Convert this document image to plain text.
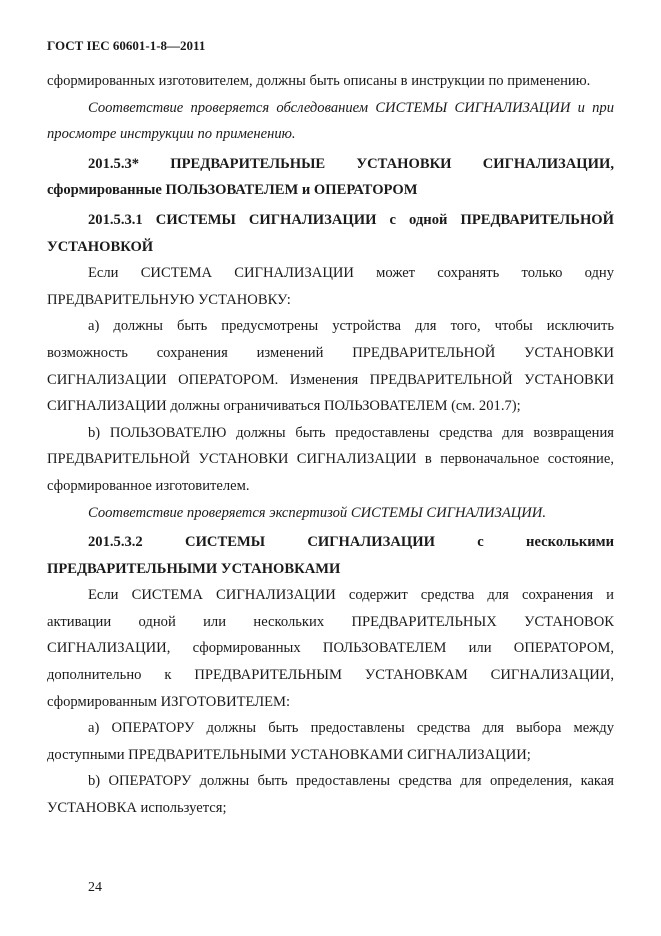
ГОСТ IEC 60601-1-8—2011

сформированных изготовителем, должны быть описаны в инструкции по применению.

Соответствие проверяется обследованием СИСТЕМЫ СИГНАЛИЗАЦИИ и при просмотре инструкции по применению.

201.5.3* ПРЕДВАРИТЕЛЬНЫЕ УСТАНОВКИ СИГНАЛИЗАЦИИ, сформированные ПОЛЬЗОВАТЕЛЕМ и ОПЕРАТОРОМ

201.5.3.1 СИСТЕМЫ СИГНАЛИЗАЦИИ с одной ПРЕДВАРИТЕЛЬНОЙ УСТАНОВКОЙ

Если СИСТЕМА СИГНАЛИЗАЦИИ может сохранять только одну ПРЕДВАРИТЕЛЬНУЮ УСТАНОВКУ:

a) должны быть предусмотрены устройства для того, чтобы исключить возможность сохранения изменений ПРЕДВАРИТЕЛЬНОЙ УСТАНОВКИ СИГНАЛИЗАЦИИ ОПЕРАТОРОМ. Изменения ПРЕДВАРИТЕЛЬНОЙ УСТАНОВКИ СИГНАЛИЗАЦИИ должны ограничиваться ПОЛЬЗОВАТЕЛЕМ (см. 201.7);

b) ПОЛЬЗОВАТЕЛЮ должны быть предоставлены средства для возвращения ПРЕДВАРИТЕЛЬНОЙ УСТАНОВКИ СИГНАЛИЗАЦИИ в первоначальное состояние, сформированное изготовителем.

Соответствие проверяется экспертизой СИСТЕМЫ СИГНАЛИЗАЦИИ.

201.5.3.2 СИСТЕМЫ СИГНАЛИЗАЦИИ с несколькими ПРЕДВАРИТЕЛЬНЫМИ УСТАНОВКАМИ

Если СИСТЕМА СИГНАЛИЗАЦИИ содержит средства для сохранения и активации одной или нескольких ПРЕДВАРИТЕЛЬНЫХ УСТАНОВОК СИГНАЛИЗАЦИИ, сформированных ПОЛЬЗОВАТЕЛЕМ или ОПЕРАТОРОМ, дополнительно к ПРЕДВАРИТЕЛЬНЫМ УСТАНОВКАМ СИГНАЛИЗАЦИИ, сформированным ИЗГОТОВИТЕЛЕМ:

a) ОПЕРАТОРУ должны быть предоставлены средства для выбора между доступными ПРЕДВАРИТЕЛЬНЫМИ УСТАНОВКАМИ СИГНАЛИЗАЦИИ;

b) ОПЕРАТОРУ должны быть предоставлены средства для определения, какая УСТАНОВКА используется;

24
